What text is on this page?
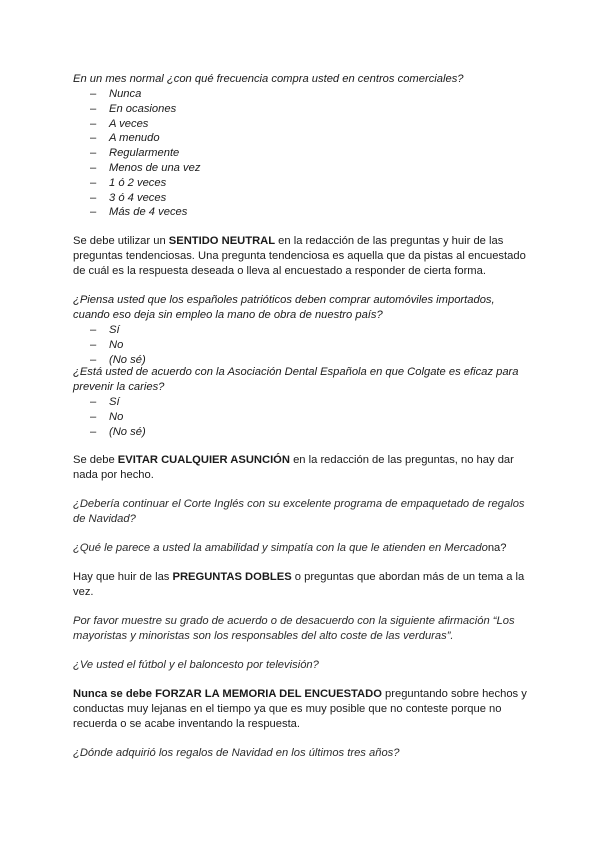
En un mes normal ¿con qué frecuencia compra usted en centros comerciales?

– Nunca
– En ocasiones
– A veces
– A menudo
– Regularmente
– Menos de una vez
– 1 ó 2 veces
– 3 ó 4 veces
– Más de 4 veces

Se debe utilizar un SENTIDO NEUTRAL en la redacción de las preguntas y huir de las preguntas tendenciosas. Una pregunta tendenciosa es aquella que da pistas al encuestado de cuál es la respuesta deseada o lleva al encuestado a responder de cierta forma.

¿Piensa usted que los españoles patrióticos deben comprar automóviles importados, cuando eso deja sin empleo la mano de obra de nuestro país?

– Sí
– No
– (No sé)

¿Está usted de acuerdo con la Asociación Dental Española en que Colgate es eficaz para prevenir la caries?

– Sí
– No
– (No sé)

Se debe EVITAR CUALQUIER ASUNCIÓN en la redacción de las preguntas, no hay dar nada por hecho.

¿Debería continuar el Corte Inglés con su excelente programa de empaquetado de regalos de Navidad?

¿Qué le parece a usted la amabilidad y simpatía con la que le atienden en Mercadona?

Hay que huir de las PREGUNTAS DOBLES o preguntas que abordan más de un tema a la vez.

Por favor muestre su grado de acuerdo o de desacuerdo con la siguiente afirmación “Los mayoristas y minoristas son los responsables del alto coste de las verduras”.

¿Ve usted el fútbol y el baloncesto por televisión?

Nunca se debe FORZAR LA MEMORIA DEL ENCUESTADO preguntando sobre hechos y conductas muy lejanas en el tiempo ya que es muy posible que no conteste porque no recuerda o se acabe inventando la respuesta.

¿Dónde adquirió los regalos de Navidad en los últimos tres años?
